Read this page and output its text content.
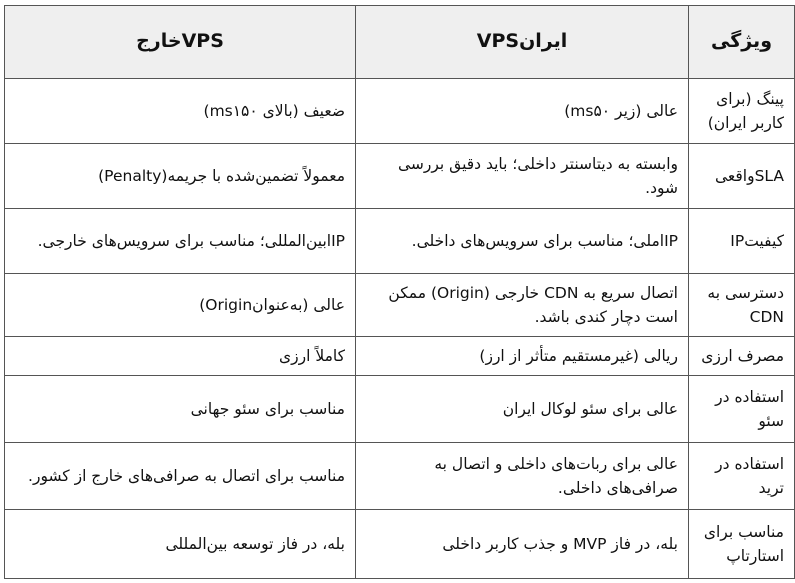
ویژگی	ایرانVPS	VPSخارج
پینگ (برای کاربر ایران)	عالی (زیر ms۵۰)	ضعیف (بالای ms۱۵۰)
SLAواقعی	وابسته به دیتاسنتر داخلی؛ باید دقیق بررسی شود.	معمولاً تضمین‌شده با جریمه(Penalty)
کیفیتIP	IPاملی؛ مناسب برای سرویس‌های داخلی.	IPابین‌المللی؛ مناسب برای سرویس‌های خارجی.
دسترسی به CDN	اتصال سریع به CDN خارجی (Origin) ممکن است دچار کندی باشد.	عالی (به‌عنوانOrigin)
مصرف ارزی	ریالی (غیرمستقیم متأثر از ارز)	کاملاً ارزی
استفاده در سئو	عالی برای سئو لوکال ایران	مناسب برای سئو جهانی
استفاده در ترید	عالی برای ربات‌های داخلی و اتصال به صرافی‌های داخلی.	مناسب برای اتصال به صرافی‌های خارج از کشور.
مناسب برای استارتاپ	بله، در فاز MVP و جذب کاربر داخلی	بله، در فاز توسعه بین‌المللی
